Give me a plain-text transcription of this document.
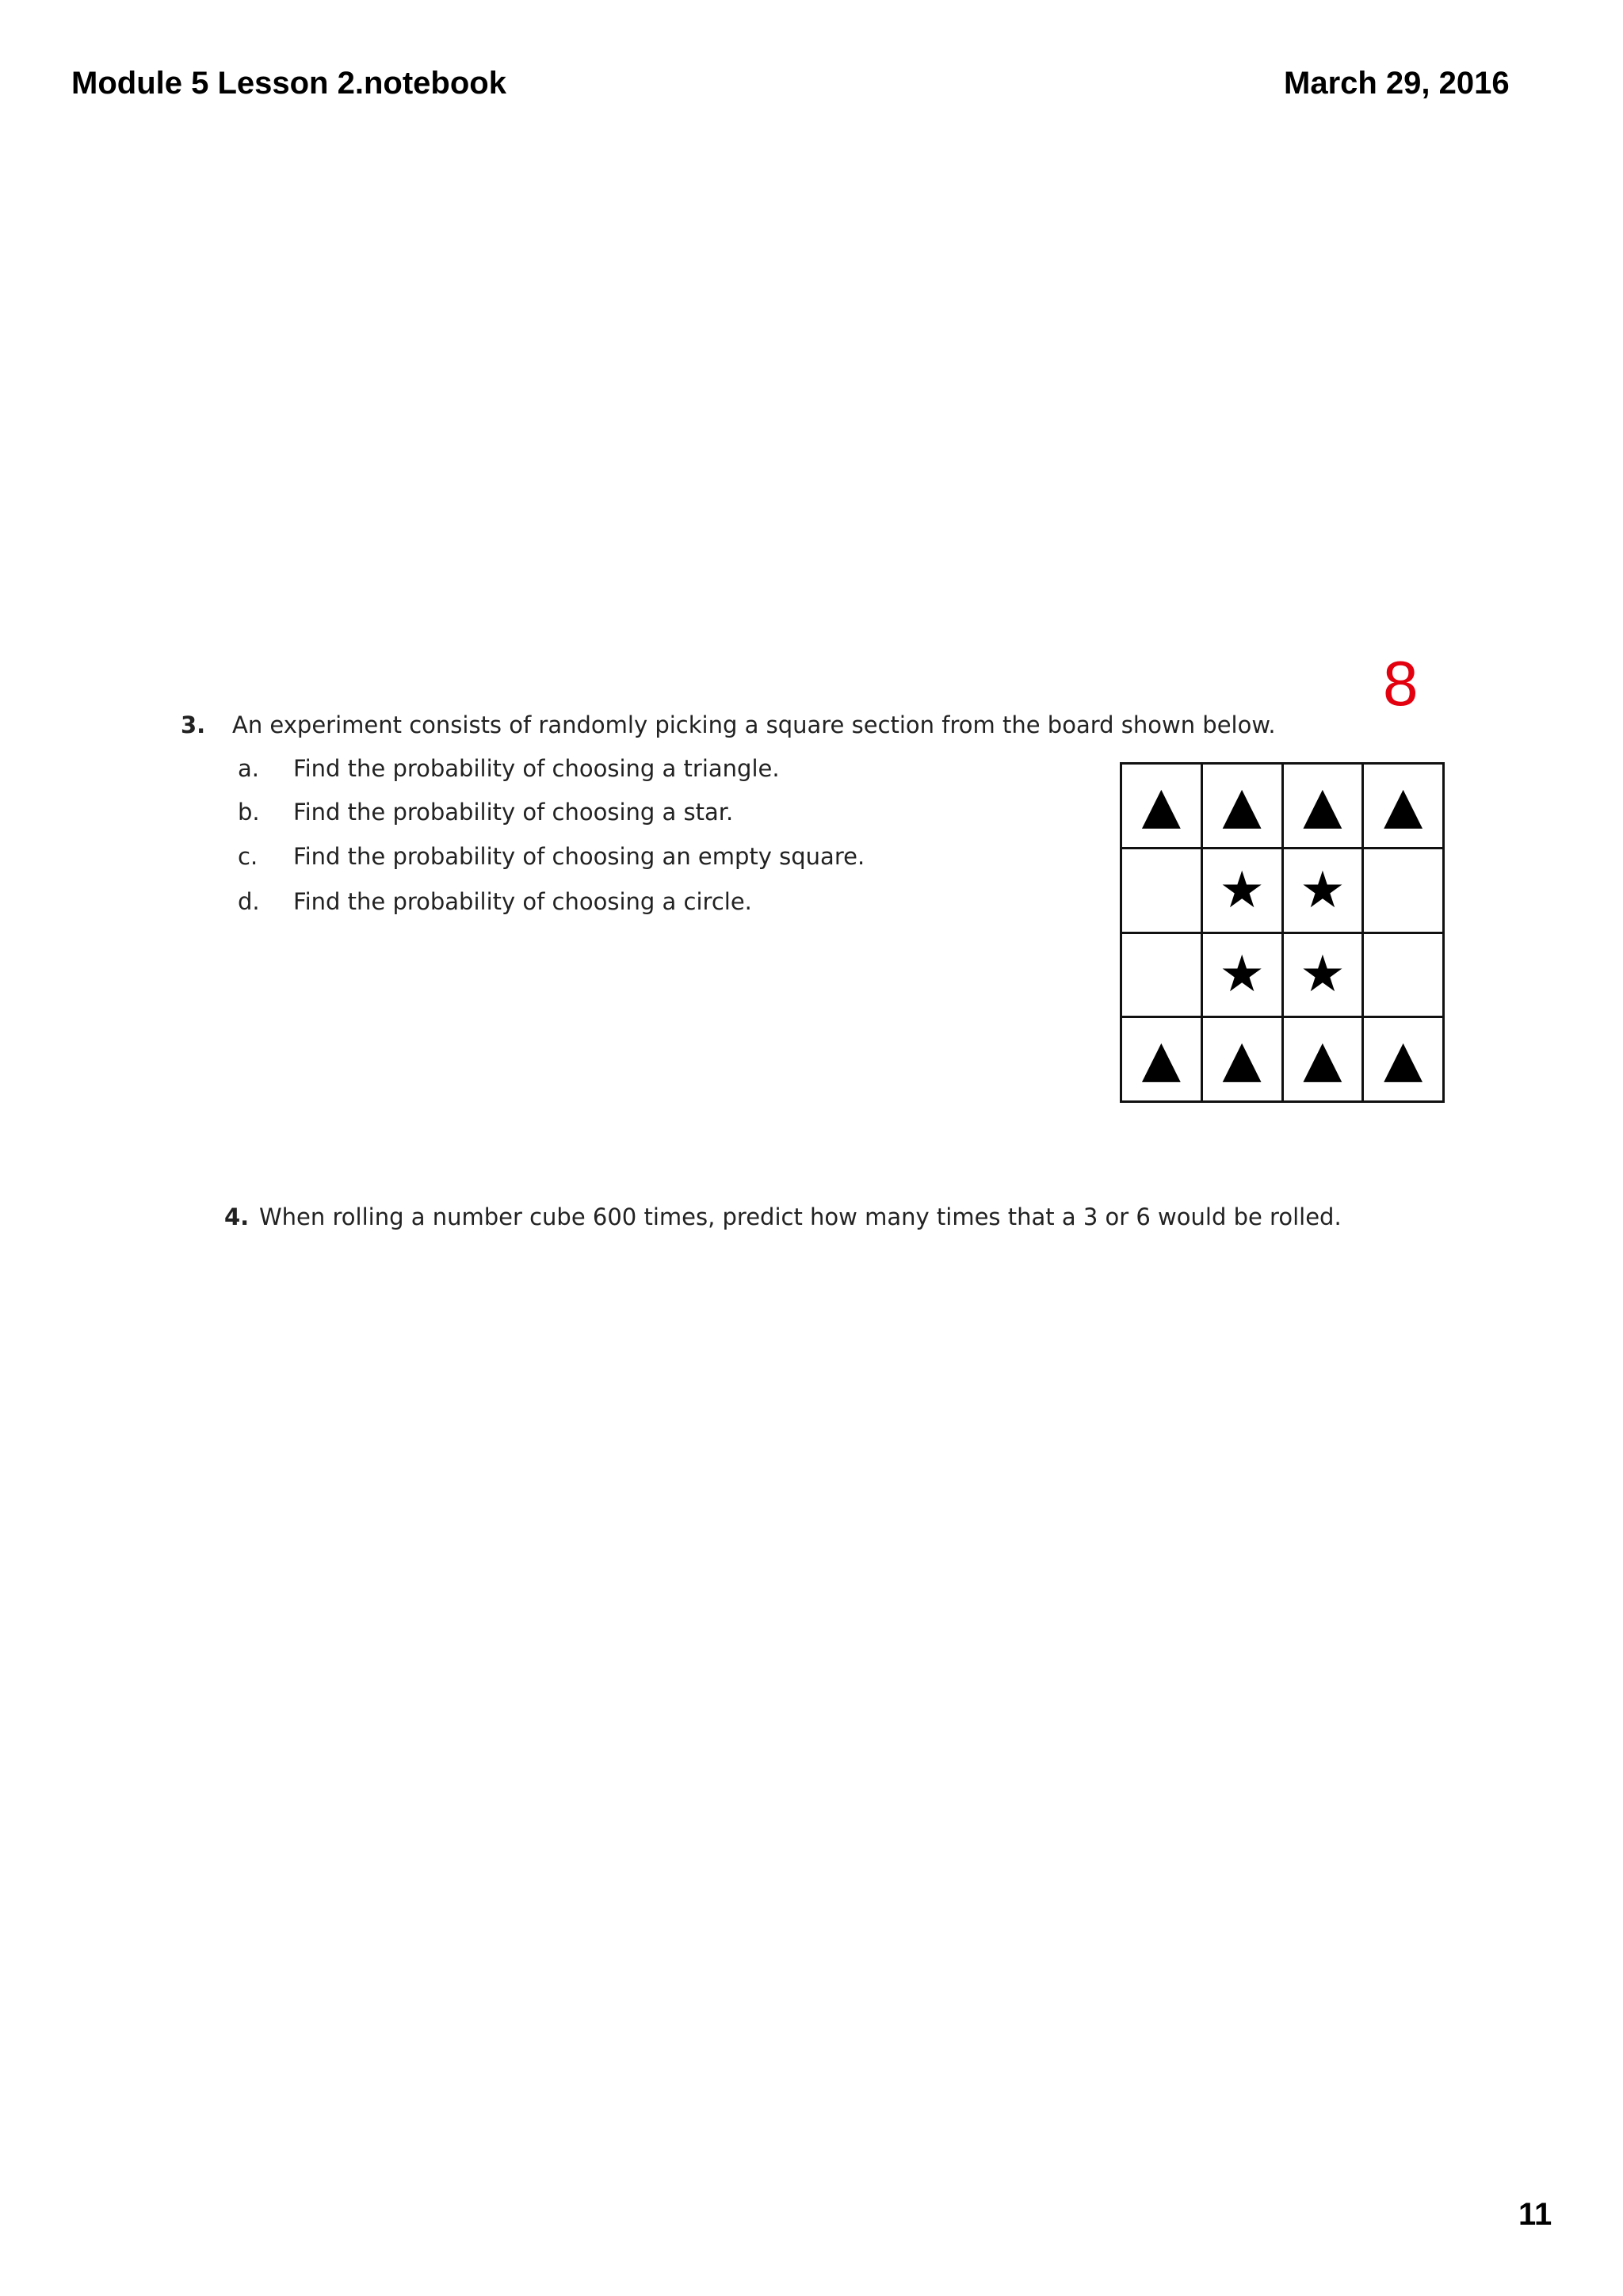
Module 5 Lesson 2.notebook	March 29, 2016
8
3. An experiment consists of randomly picking a square section from the board shown below.
a. Find the probability of choosing a triangle.
b. Find the probability of choosing a star.
c. Find the probability of choosing an empty square.
d. Find the probability of choosing a circle.
4. When rolling a number cube 600 times, predict how many times that a 3 or 6 would be rolled.
▲	▲	▲	▲
	★	★	
	★	★	
▲	▲	▲	▲
11
